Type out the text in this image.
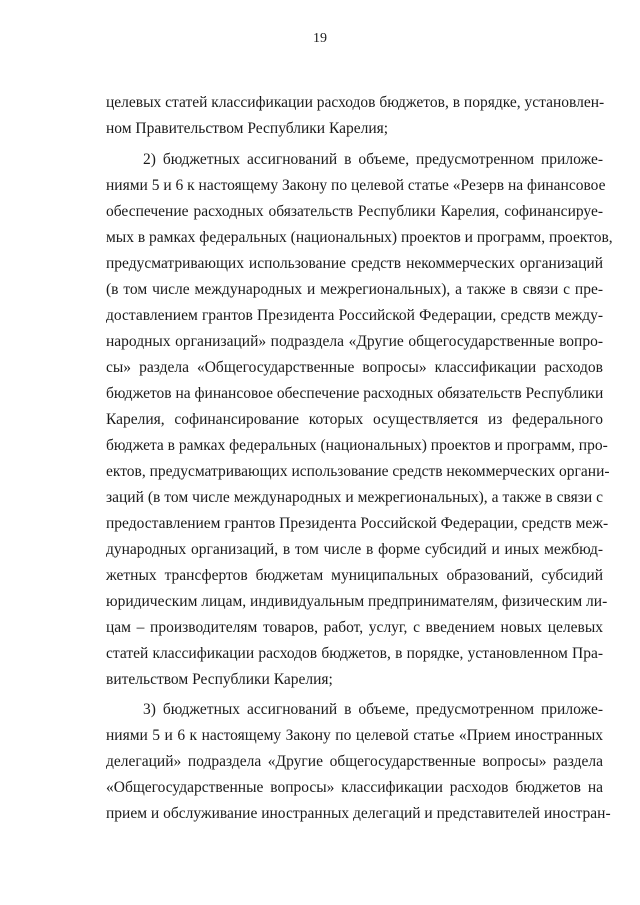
19
целевых статей классификации расходов бюджетов, в порядке, установлен-
ном Правительством Республики Карелия;
2) бюджетных ассигнований в объеме, предусмотренном приложе-
ниями 5 и 6 к настоящему Закону по целевой статье «Резерв на финансовое
обеспечение расходных обязательств Республики Карелия, софинансируе-
мых в рамках федеральных (национальных) проектов и программ, проектов,
предусматривающих использование средств некоммерческих организаций
(в том числе международных и межрегиональных), а также в связи с пре-
доставлением грантов Президента Российской Федерации, средств между-
народных организаций» подраздела «Другие общегосударственные вопро-
сы» раздела «Общегосударственные вопросы» классификации расходов
бюджетов на финансовое обеспечение расходных обязательств Республики
Карелия, софинансирование которых осуществляется из федерального
бюджета в рамках федеральных (национальных) проектов и программ, про-
ектов, предусматривающих использование средств некоммерческих органи-
заций (в том числе международных и межрегиональных), а также в связи с
предоставлением грантов Президента Российской Федерации, средств меж-
дународных организаций, в том числе в форме субсидий и иных межбюд-
жетных трансфертов бюджетам муниципальных образований, субсидий
юридическим лицам, индивидуальным предпринимателям, физическим ли-
цам – производителям товаров, работ, услуг, с введением новых целевых
статей классификации расходов бюджетов, в порядке, установленном Пра-
вительством Республики Карелия;
3) бюджетных ассигнований в объеме, предусмотренном приложе-
ниями 5 и 6 к настоящему Закону по целевой статье «Прием иностранных
делегаций» подраздела «Другие общегосударственные вопросы» раздела
«Общегосударственные вопросы» классификации расходов бюджетов на
прием и обслуживание иностранных делегаций и представителей иностран-
